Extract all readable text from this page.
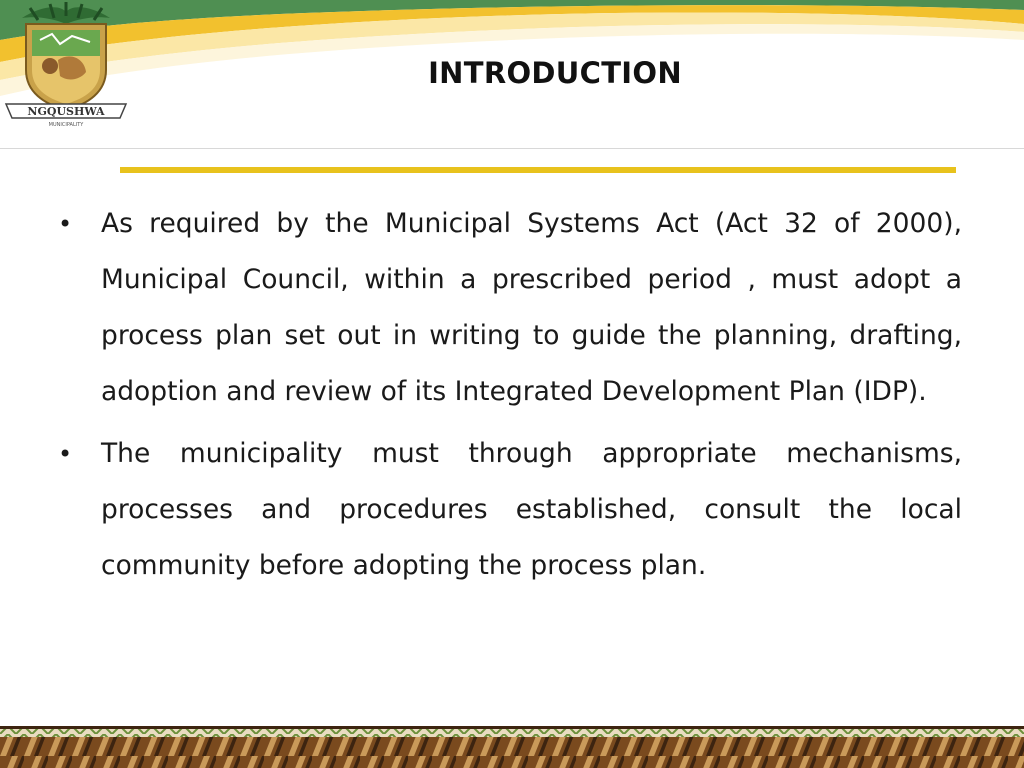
NGQUSHWA
MUNICIPALITY
INTRODUCTION
• As required by the Municipal Systems Act (Act 32 of 2000), Municipal Council, within a prescribed period , must adopt a process plan set out in writing to guide the planning, drafting, adoption and review of its Integrated Development Plan (IDP).
• The municipality must through appropriate mechanisms, processes and procedures established, consult the local community before adopting the process plan.
